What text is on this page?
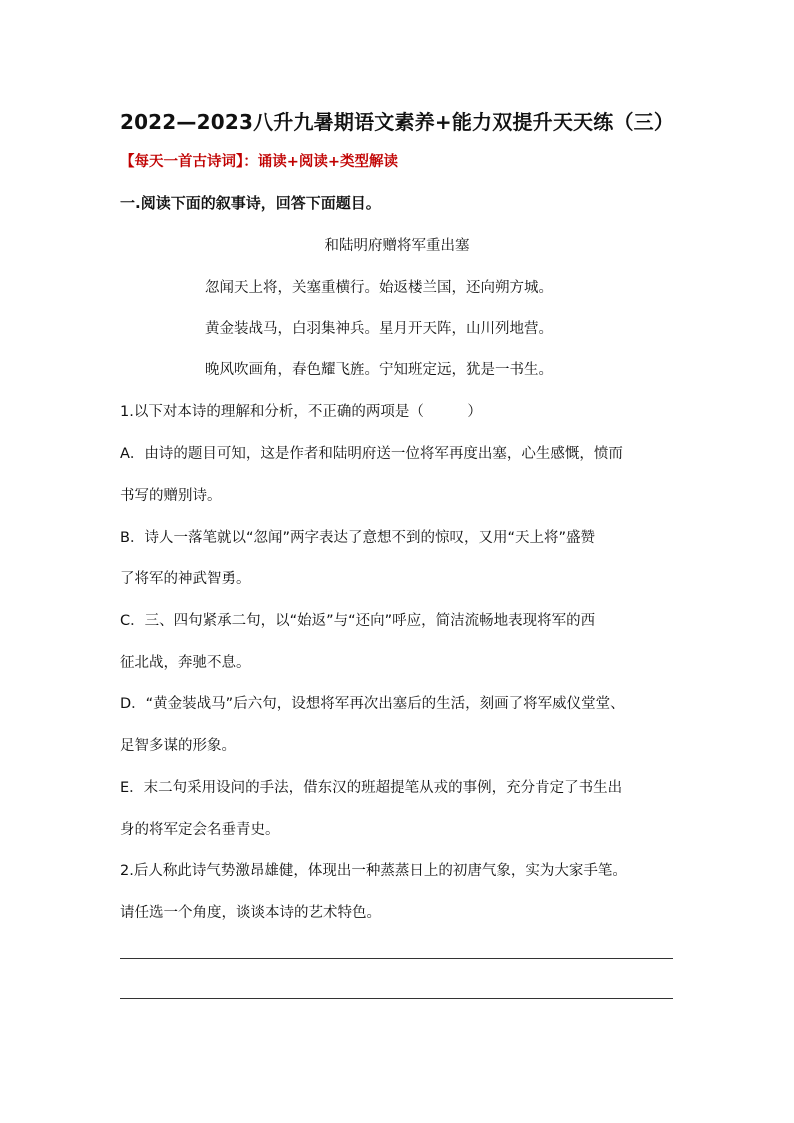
2022—2023八升九暑期语文素养+能力双提升天天练（三）
【每天一首古诗词】：诵读+阅读+类型解读
一.阅读下面的叙事诗，回答下面题目。
和陆明府赠将军重出塞
忽闻天上将，关塞重横行。始返楼兰国，还向朔方城。
黄金装战马，白羽集神兵。星月开天阵，山川列地营。
晚风吹画角，春色耀飞旌。宁知班定远，犹是一书生。
1.以下对本诗的理解和分析，不正确的两项是（　　　）
A．由诗的题目可知，这是作者和陆明府送一位将军再度出塞，心生感慨，愤而
书写的赠别诗。
B．诗人一落笔就以“忽闻”两字表达了意想不到的惊叹，又用“天上将”盛赞
了将军的神武智勇。
C．三、四句紧承二句，以“始返”与“还向”呼应，简洁流畅地表现将军的西
征北战，奔驰不息。
D．“黄金装战马”后六句，设想将军再次出塞后的生活，刻画了将军威仪堂堂、
足智多谋的形象。
E．末二句采用设问的手法，借东汉的班超提笔从戎的事例，充分肯定了书生出
身的将军定会名垂青史。
2.后人称此诗气势激昂雄健，体现出一种蒸蒸日上的初唐气象，实为大家手笔。
请任选一个角度，谈谈本诗的艺术特色。
